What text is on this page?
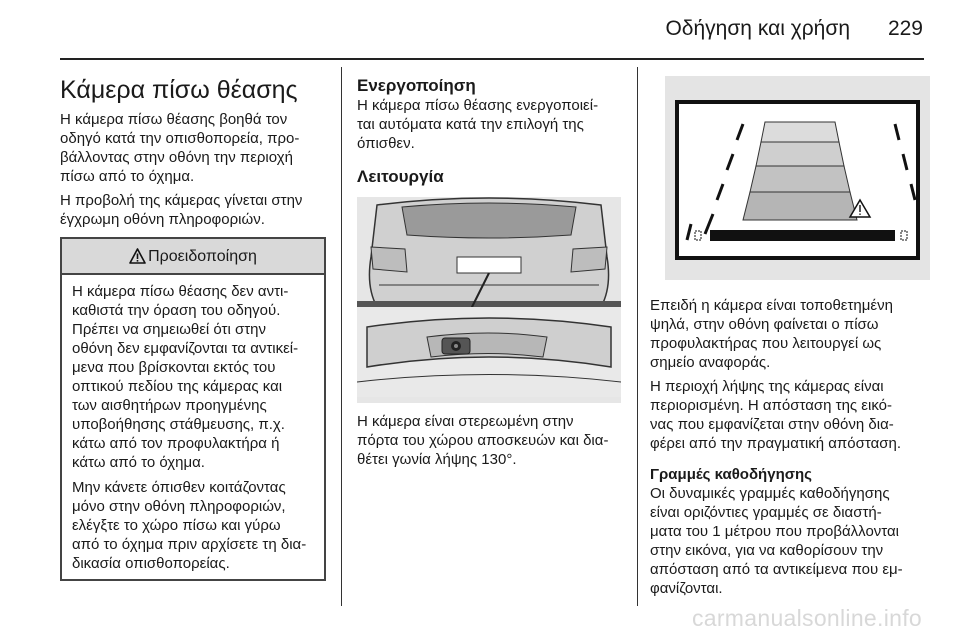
Οδήγηση και χρήση 229
Κάμερα πίσω θέασης

Η κάμερα πίσω θέασης βοηθά τον
οδηγό κατά την οπισθοπορεία, προ-
βάλλοντας στην οθόνη την περιοχή
πίσω από το όχημα.

Η προβολή της κάμερας γίνεται στην
έγχρωμη οθόνη πληροφοριών.

Προειδοποίηση

Η κάμερα πίσω θέασης δεν αντι-
καθιστά την όραση του οδηγού.
Πρέπει να σημειωθεί ότι στην
οθόνη δεν εμφανίζονται τα αντικεί-
μενα που βρίσκονται εκτός του
οπτικού πεδίου της κάμερας και
των αισθητήρων προηγμένης
υποβοήθησης στάθμευσης, π.χ.
κάτω από τον προφυλακτήρα ή
κάτω από το όχημα.

Μην κάνετε όπισθεν κοιτάζοντας
μόνο στην οθόνη πληροφοριών,
ελέγξτε το χώρο πίσω και γύρω
από το όχημα πριν αρχίσετε τη δια-
δικασία οπισθοπορείας.

Ενεργοποίηση

Η κάμερα πίσω θέασης ενεργοποιεί-
ται αυτόματα κατά την επιλογή της
όπισθεν.

Λειτουργία

Η κάμερα είναι στερεωμένη στην
πόρτα του χώρου αποσκευών και δια-
θέτει γωνία λήψης 130°.

Επειδή η κάμερα είναι τοποθετημένη
ψηλά, στην οθόνη φαίνεται ο πίσω
προφυλακτήρας που λειτουργεί ως
σημείο αναφοράς.

Η περιοχή λήψης της κάμερας είναι
περιορισμένη. Η απόσταση της εικό-
νας που εμφανίζεται στην οθόνη δια-
φέρει από την πραγματική απόσταση.

Γραμμές καθοδήγησης

Οι δυναμικές γραμμές καθοδήγησης
είναι οριζόντιες γραμμές σε διαστή-
ματα του 1 μέτρου που προβάλλονται
στην εικόνα, για να καθορίσουν την
απόσταση από τα αντικείμενα που εμ-
φανίζονται.

carmanualsonline.info
